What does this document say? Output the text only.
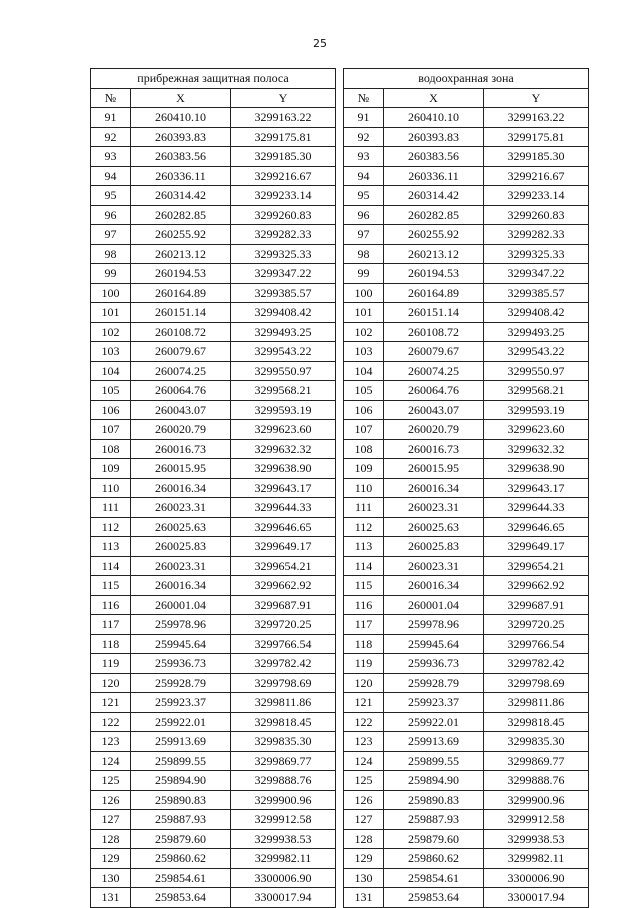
25
прибрежная защитная полоса		
№	X	Y
91	260410.10	3299163.22
92	260393.83	3299175.81
93	260383.56	3299185.30
94	260336.11	3299216.67
95	260314.42	3299233.14
96	260282.85	3299260.83
97	260255.92	3299282.33
98	260213.12	3299325.33
99	260194.53	3299347.22
100	260164.89	3299385.57
101	260151.14	3299408.42
102	260108.72	3299493.25
103	260079.67	3299543.22
104	260074.25	3299550.97
105	260064.76	3299568.21
106	260043.07	3299593.19
107	260020.79	3299623.60
108	260016.73	3299632.32
109	260015.95	3299638.90
110	260016.34	3299643.17
111	260023.31	3299644.33
112	260025.63	3299646.65
113	260025.83	3299649.17
114	260023.31	3299654.21
115	260016.34	3299662.92
116	260001.04	3299687.91
117	259978.96	3299720.25
118	259945.64	3299766.54
119	259936.73	3299782.42
120	259928.79	3299798.69
121	259923.37	3299811.86
122	259922.01	3299818.45
123	259913.69	3299835.30
124	259899.55	3299869.77
125	259894.90	3299888.76
126	259890.83	3299900.96
127	259887.93	3299912.58
128	259879.60	3299938.53
129	259860.62	3299982.11
130	259854.61	3300006.90
131	259853.64	3300017.94
водоохранная зона		
№	X	Y
91	260410.10	3299163.22
92	260393.83	3299175.81
93	260383.56	3299185.30
94	260336.11	3299216.67
95	260314.42	3299233.14
96	260282.85	3299260.83
97	260255.92	3299282.33
98	260213.12	3299325.33
99	260194.53	3299347.22
100	260164.89	3299385.57
101	260151.14	3299408.42
102	260108.72	3299493.25
103	260079.67	3299543.22
104	260074.25	3299550.97
105	260064.76	3299568.21
106	260043.07	3299593.19
107	260020.79	3299623.60
108	260016.73	3299632.32
109	260015.95	3299638.90
110	260016.34	3299643.17
111	260023.31	3299644.33
112	260025.63	3299646.65
113	260025.83	3299649.17
114	260023.31	3299654.21
115	260016.34	3299662.92
116	260001.04	3299687.91
117	259978.96	3299720.25
118	259945.64	3299766.54
119	259936.73	3299782.42
120	259928.79	3299798.69
121	259923.37	3299811.86
122	259922.01	3299818.45
123	259913.69	3299835.30
124	259899.55	3299869.77
125	259894.90	3299888.76
126	259890.83	3299900.96
127	259887.93	3299912.58
128	259879.60	3299938.53
129	259860.62	3299982.11
130	259854.61	3300006.90
131	259853.64	3300017.94
